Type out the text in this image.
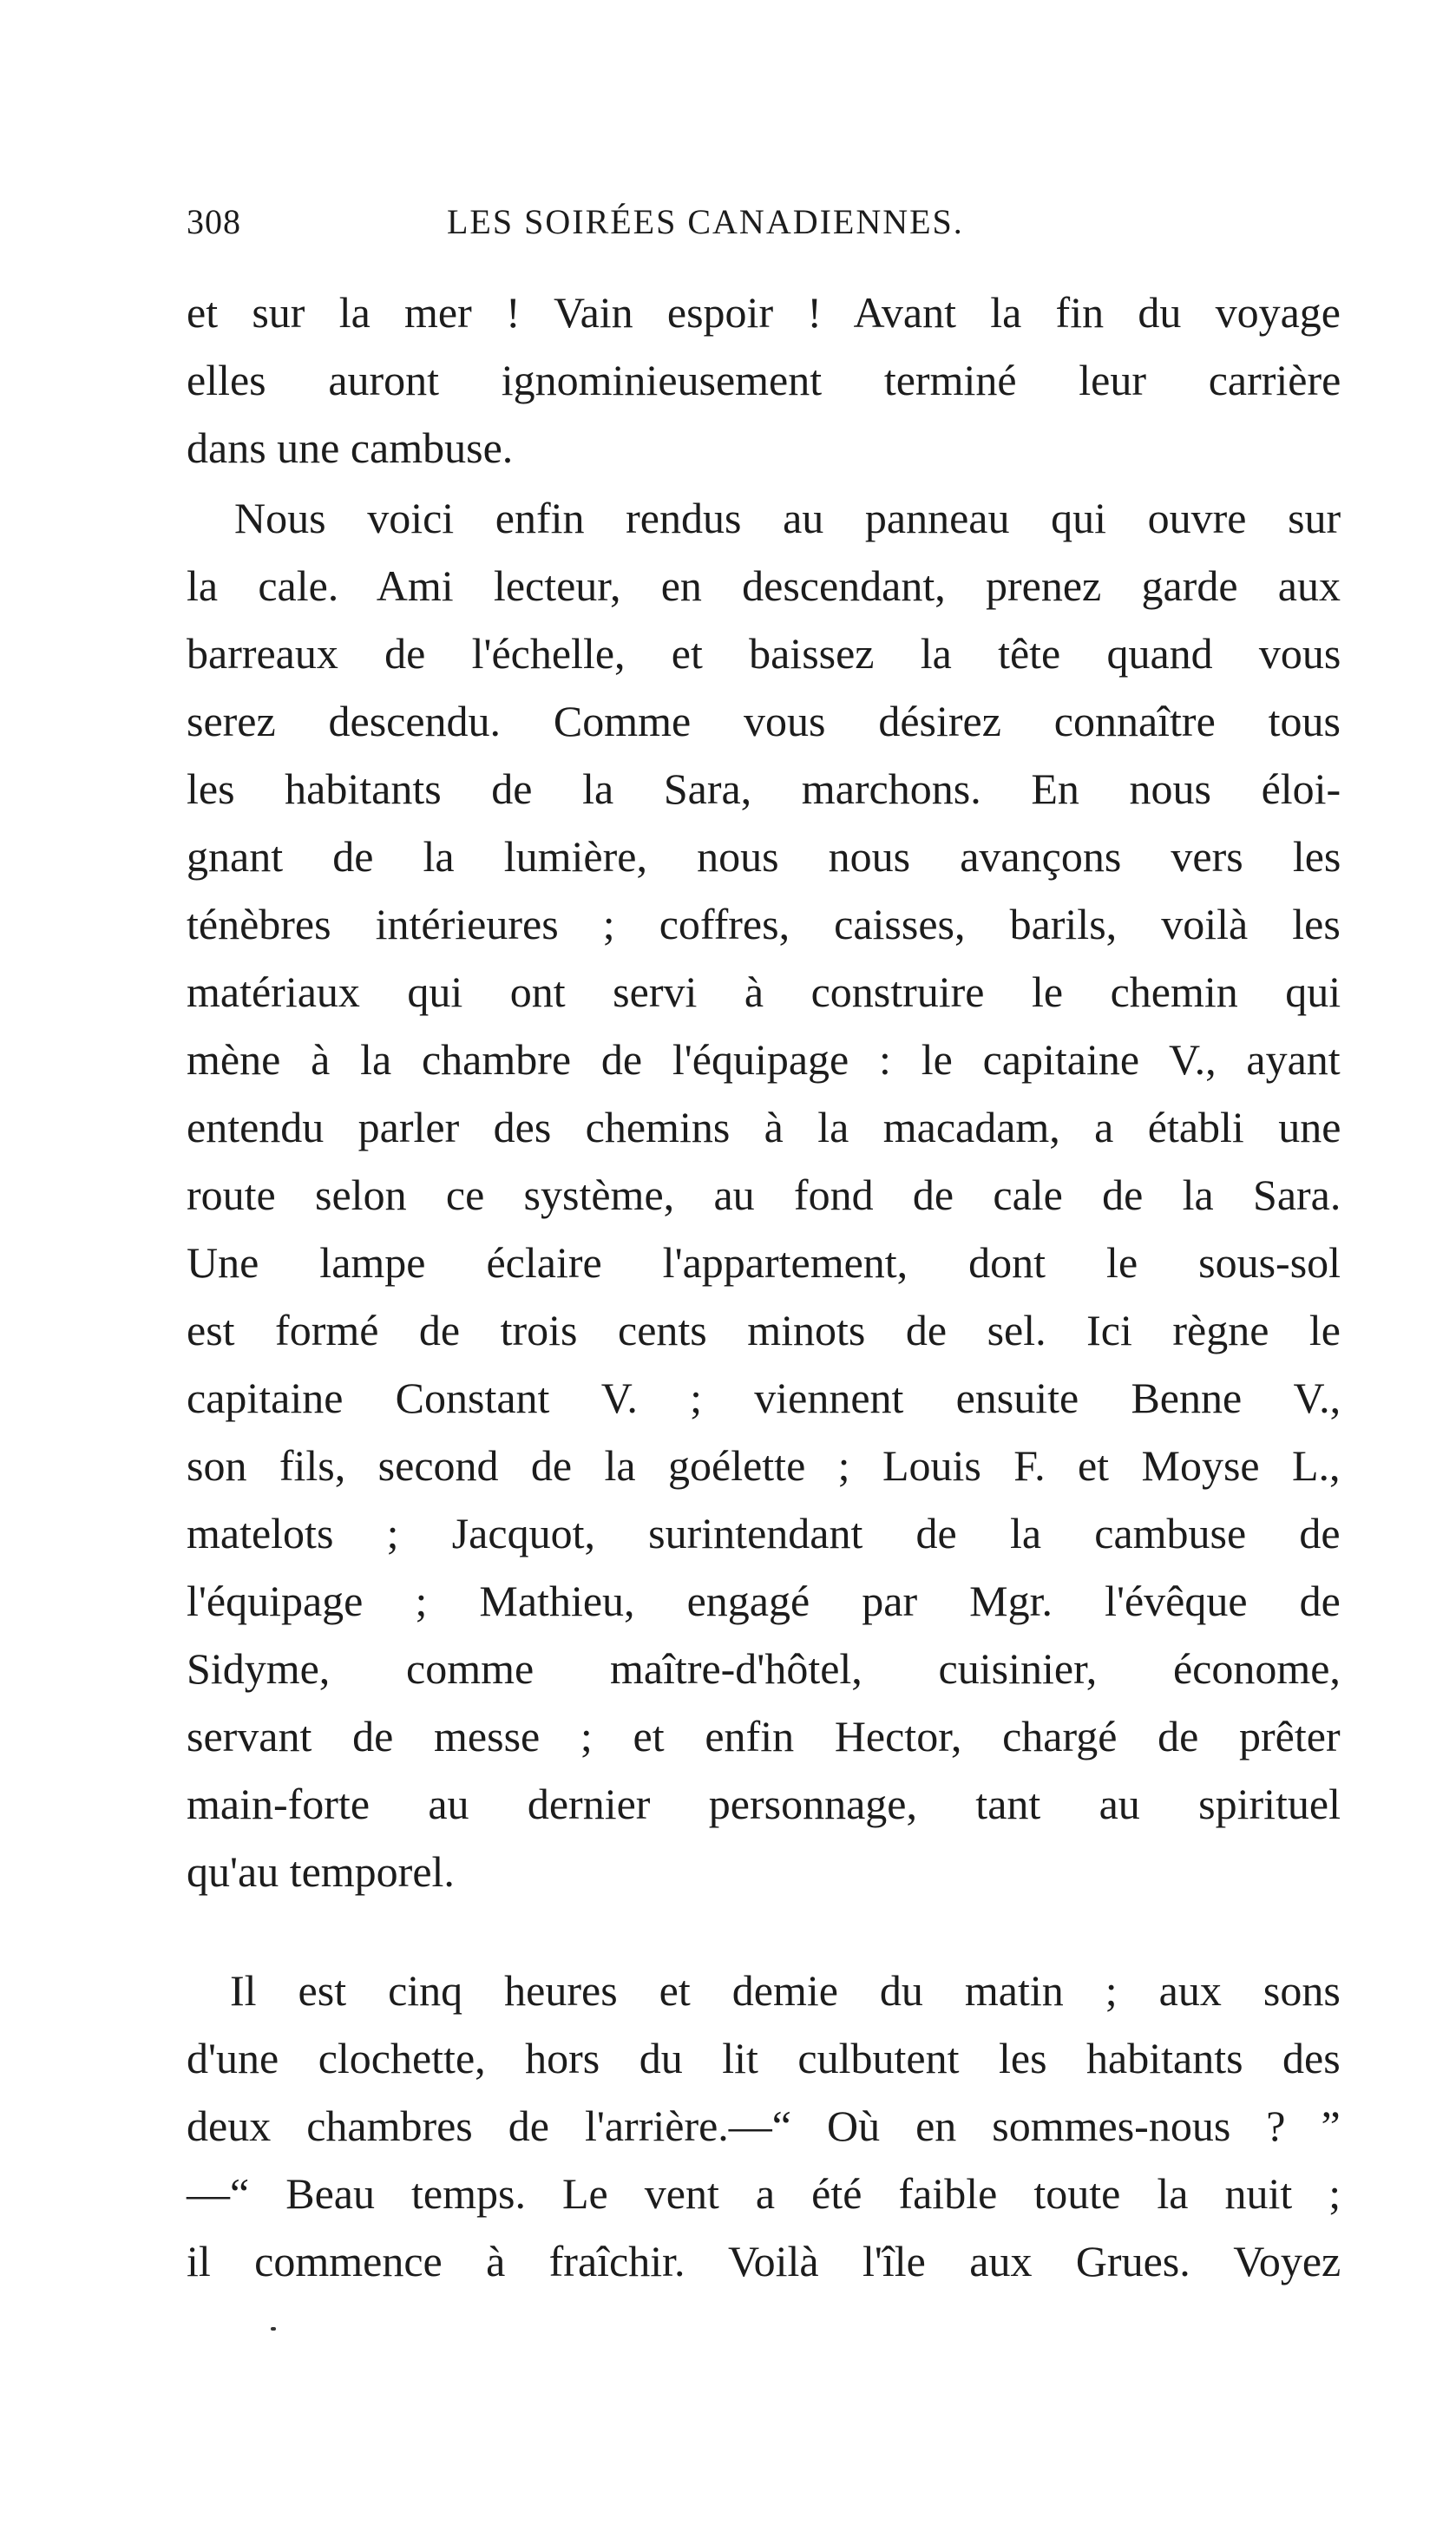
308	LES SOIRÉES CANADIENNES.
et sur la mer ! Vain espoir ! Avant la fin du voyage
elles auront ignominieusement terminé leur carrière
dans une cambuse.
Nous voici enfin rendus au panneau qui ouvre sur
la cale. Ami lecteur, en descendant, prenez garde aux
barreaux de l'échelle, et baissez la tête quand vous
serez descendu. Comme vous désirez connaître tous
les habitants de la Sara, marchons. En nous éloi-
gnant de la lumière, nous nous avançons vers les
ténèbres intérieures ; coffres, caisses, barils, voilà les
matériaux qui ont servi à construire le chemin qui
mène à la chambre de l'équipage : le capitaine V., ayant
entendu parler des chemins à la macadam, a établi une
route selon ce système, au fond de cale de la Sara.
Une lampe éclaire l'appartement, dont le sous-sol
est formé de trois cents minots de sel. Ici règne le
capitaine Constant V. ; viennent ensuite Benne V.,
son fils, second de la goélette ; Louis F. et Moyse L.,
matelots ; Jacquot, surintendant de la cambuse de
l'équipage ; Mathieu, engagé par Mgr. l'évêque de
Sidyme, comme maître-d'hôtel, cuisinier, économe,
servant de messe ; et enfin Hector, chargé de prêter
main-forte au dernier personnage, tant au spirituel
qu'au temporel.
Il est cinq heures et demie du matin ; aux sons
d'une clochette, hors du lit culbutent les habitants des
deux chambres de l'arrière.—“ Où en sommes-nous ? ”
—“ Beau temps. Le vent a été faible toute la nuit ;
il commence à fraîchir. Voilà l'île aux Grues. Voyez
